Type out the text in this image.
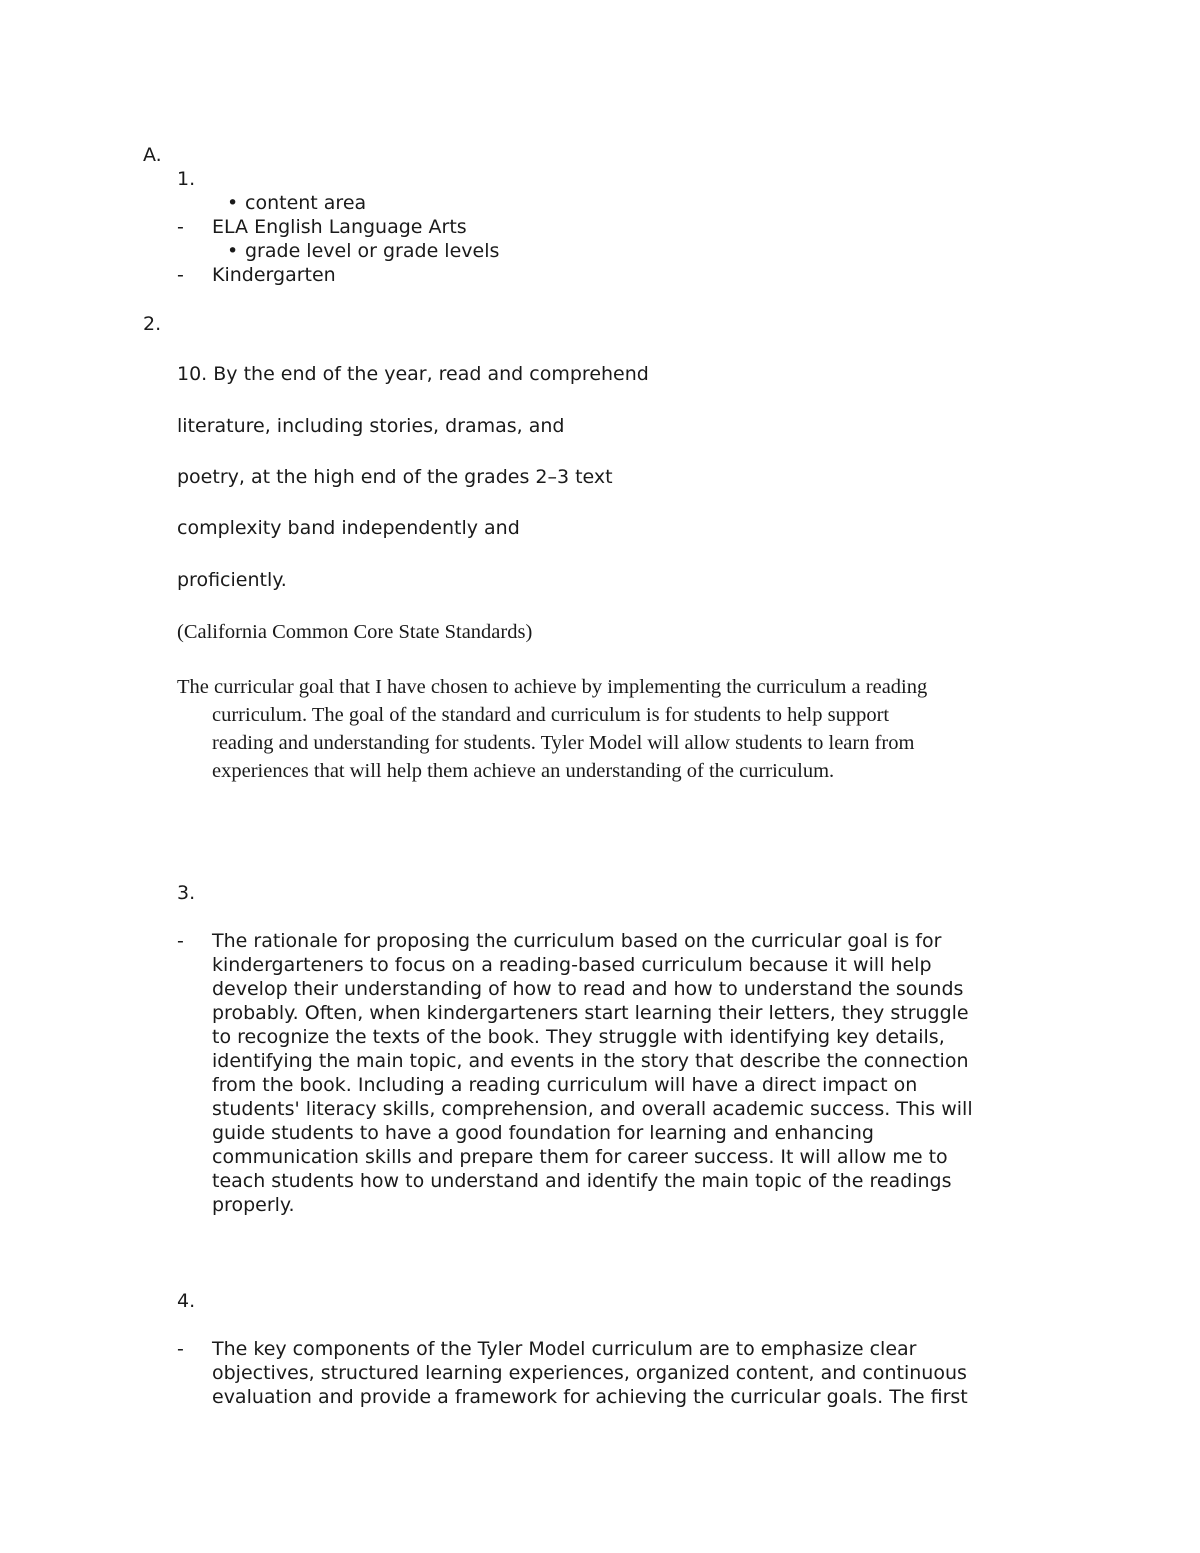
A.
1.
• content area
- ELA English Language Arts
• grade level or grade levels
- Kindergarten
2.
10. By the end of the year, read and comprehend
literature, including stories, dramas, and
poetry, at the high end of the grades 2–3 text
complexity band independently and
proficiently.
(California Common Core State Standards)
The curricular goal that I have chosen to achieve by implementing the curriculum a reading
curriculum. The goal of the standard and curriculum is for students to help support
reading and understanding for students. Tyler Model will allow students to learn from
experiences that will help them achieve an understanding of the curriculum.
3.
- The rationale for proposing the curriculum based on the curricular goal is for
kindergarteners to focus on a reading-based curriculum because it will help
develop their understanding of how to read and how to understand the sounds
probably. Often, when kindergarteners start learning their letters, they struggle
to recognize the texts of the book. They struggle with identifying key details,
identifying the main topic, and events in the story that describe the connection
from the book. Including a reading curriculum will have a direct impact on
students' literacy skills, comprehension, and overall academic success. This will
guide students to have a good foundation for learning and enhancing
communication skills and prepare them for career success. It will allow me to
teach students how to understand and identify the main topic of the readings
properly.
4.
- The key components of the Tyler Model curriculum are to emphasize clear
objectives, structured learning experiences, organized content, and continuous
evaluation and provide a framework for achieving the curricular goals. The first
